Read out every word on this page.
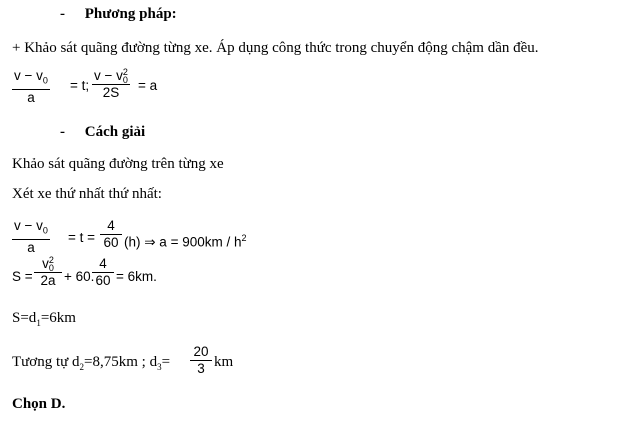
- Phương pháp:
+ Khảo sát quãng đường từng xe. Áp dụng công thức trong chuyển động chậm dần đều.
$\frac{v - v_0}{a} = t$; v − v 2
0
2S = a
- Cách giải
Khảo sát quãng đường trên từng xe
Xét xe thứ nhất thứ nhất:
$\frac{v - v_0}{a} = t = \frac{4}{60} (h)$ ⇒ $a = 900km / h^2$
S = v 2
0
2a + 60.
$\frac{4}{60} = 6km$.
$S=d_1=6km$
Tương tự $d_2=8,75km$ ; $d_3= \frac{20}{3}$ km
Chọn D.
